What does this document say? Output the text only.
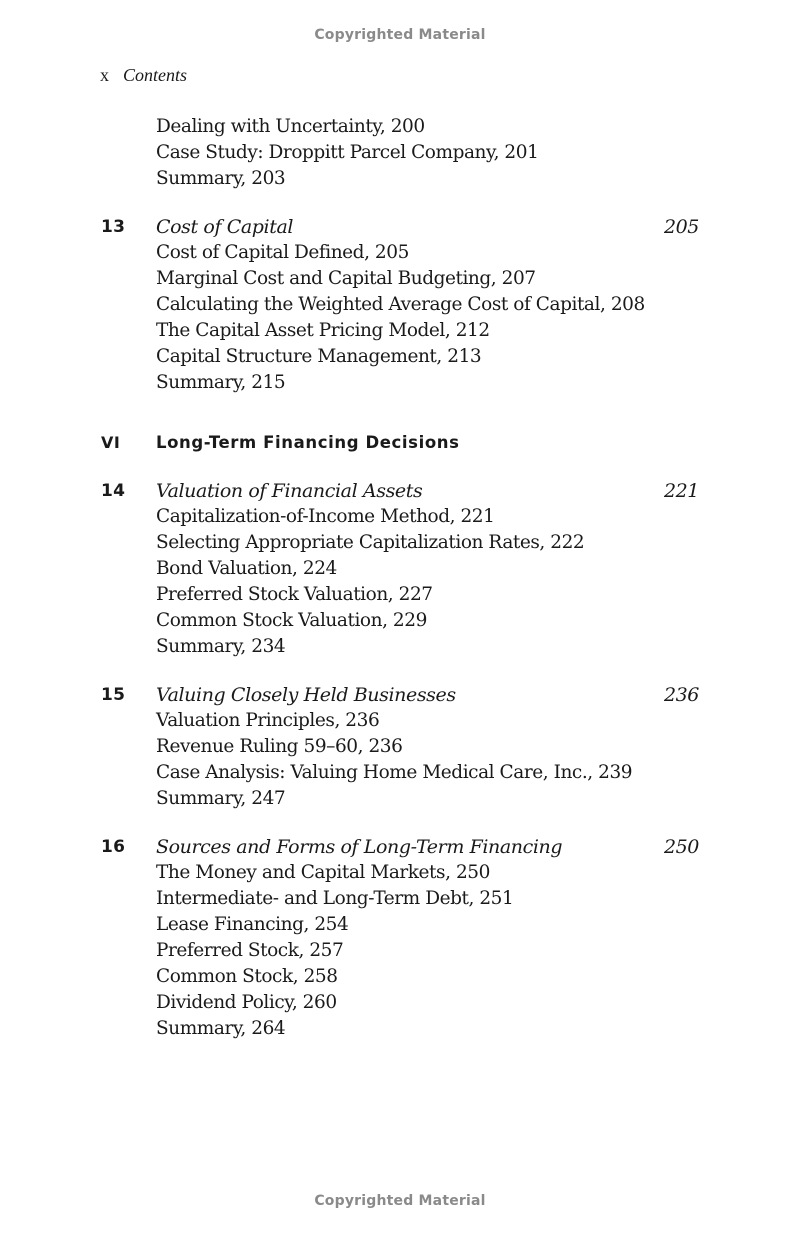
Copyrighted Material
x Contents
Dealing with Uncertainty, 200
Case Study: Droppitt Parcel Company, 201
Summary, 203
13 Cost of Capital	205
Cost of Capital Defined, 205
Marginal Cost and Capital Budgeting, 207
Calculating the Weighted Average Cost of Capital, 208
The Capital Asset Pricing Model, 212
Capital Structure Management, 213
Summary, 215
VI Long-Term Financing Decisions
14 Valuation of Financial Assets	221
Capitalization-of-Income Method, 221
Selecting Appropriate Capitalization Rates, 222
Bond Valuation, 224
Preferred Stock Valuation, 227
Common Stock Valuation, 229
Summary, 234
15 Valuing Closely Held Businesses	236
Valuation Principles, 236
Revenue Ruling 59–60, 236
Case Analysis: Valuing Home Medical Care, Inc., 239
Summary, 247
16 Sources and Forms of Long-Term Financing	250
The Money and Capital Markets, 250
Intermediate- and Long-Term Debt, 251
Lease Financing, 254
Preferred Stock, 257
Common Stock, 258
Dividend Policy, 260
Summary, 264
Copyrighted Material
